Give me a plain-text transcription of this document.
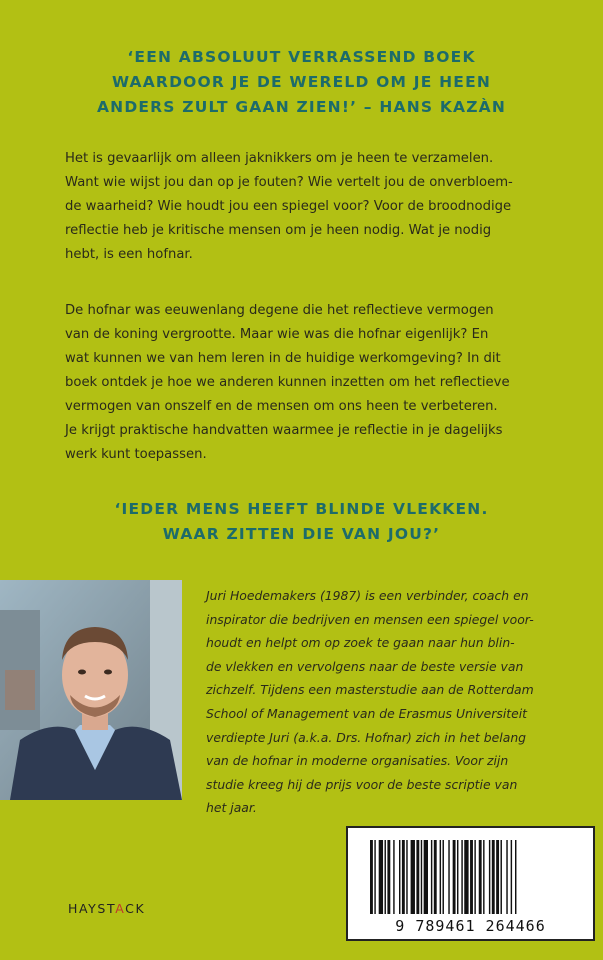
‘EEN ABSOLUUT VERRASSEND BOEK
WAARDOOR JE DE WERELD OM JE HEEN
ANDERS ZULT GAAN ZIEN!’ – HANS KAZÀN
Het is gevaarlijk om alleen jaknikkers om je heen te verzamelen.
Want wie wijst jou dan op je fouten? Wie vertelt jou de onverbloem-
de waarheid? Wie houdt jou een spiegel voor? Voor de broodnodige
reflectie heb je kritische mensen om je heen nodig. Wat je nodig
hebt, is een hofnar.
De hofnar was eeuwenlang degene die het reflectieve vermogen
van de koning vergrootte. Maar wie was die hofnar eigenlijk? En
wat kunnen we van hem leren in de huidige werkomgeving? In dit
boek ontdek je hoe we anderen kunnen inzetten om het reflectieve
vermogen van onszelf en de mensen om ons heen te verbeteren.
Je krijgt praktische handvatten waarmee je reflectie in je dagelijks
werk kunt toepassen.
‘IEDER MENS HEEFT BLINDE VLEKKEN.
WAAR ZITTEN DIE VAN JOU?’
Juri Hoedemakers (1987) is een verbinder, coach en
inspirator die bedrijven en mensen een spiegel voor-
houdt en helpt om op zoek te gaan naar hun blin-
de vlekken en vervolgens naar de beste versie van
zichzelf. Tijdens een masterstudie aan de Rotterdam
School of Management van de Erasmus Universiteit
verdiepte Juri (a.k.a. Drs. Hofnar) zich in het belang
van de hofnar in moderne organisaties. Voor zijn
studie kreeg hij de prijs voor de beste scriptie van
het jaar.
HAYSTACK
9 789461 264466
